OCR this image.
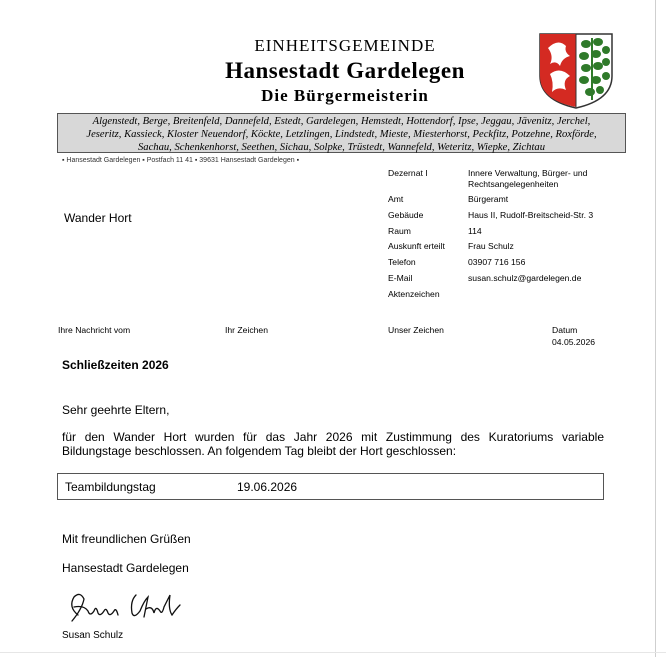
EINHEITSGEMEINDE
Hansestadt Gardelegen
Die Bürgermeisterin
Algenstedt, Berge, Breitenfeld, Dannefeld, Estedt, Gardelegen, Hemstedt, Hottendorf, Ipse, Jeggau, Jävenitz, Jerchel,
Jeseritz, Kassieck, Kloster Neuendorf, Köckte, Letzlingen, Lindstedt, Mieste, Miesterhorst, Peckfitz, Potzehne, Roxförde,
Sachau, Schenkenhorst, Seethen, Sichau, Solpke, Trüstedt, Wannefeld, Weteritz, Wiepke, Zichtau
▪ Hansestadt Gardelegen ▪ Postfach 11 41 ▪ 39631 Hansestadt Gardelegen ▪
Wander Hort
Dezernat I	Innere Verwaltung, Bürger- und
Rechtsangelegenheiten
Amt	Bürgeramt
Gebäude	Haus II, Rudolf-Breitscheid-Str. 3
Raum	114
Auskunft erteilt	Frau Schulz
Telefon	03907 716 156
E-Mail	susan.schulz@gardelegen.de
Aktenzeichen
Ihre Nachricht vom	Ihr Zeichen	Unser Zeichen	Datum
04.05.2026
Schließzeiten 2026
Sehr geehrte Eltern,
für den Wander Hort wurden für das Jahr 2026 mit Zustimmung des Kuratoriums variable Bildungstage beschlossen. An folgendem Tag bleibt der Hort geschlossen:
Teambildungstag	19.06.2026
Mit freundlichen Grüßen
Hansestadt Gardelegen
Susan Schulz
